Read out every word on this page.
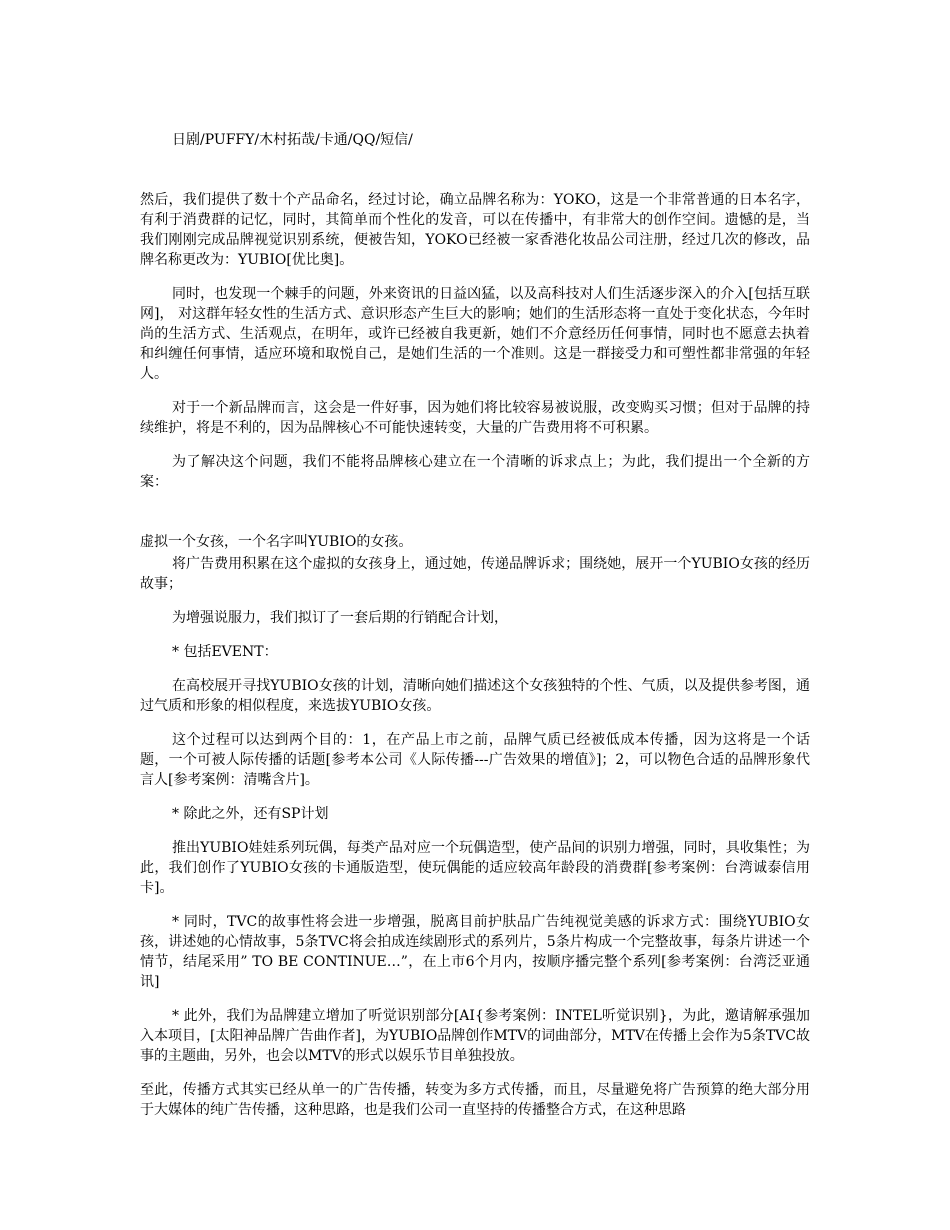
日剧/PUFFY/木村拓哉/卡通/QQ/短信/

然后，我们提供了数十个产品命名，经过讨论，确立品牌名称为：YOKO，这是一个非常普通的日本名字，有利于消费群的记忆，同时，其简单而个性化的发音，可以在传播中，有非常大的创作空间。遗憾的是，当我们刚刚完成品牌视觉识别系统，便被告知，YOKO已经被一家香港化妆品公司注册，经过几次的修改，品牌名称更改为：YUBIO[优比奥]。

同时，也发现一个棘手的问题，外来资讯的日益凶猛，以及高科技对人们生活逐步深入的介入[包括互联网]， 对这群年轻女性的生活方式、意识形态产生巨大的影响；她们的生活形态将一直处于变化状态，今年时尚的生活方式、生活观点，在明年，或许已经被自我更新，她们不介意经历任何事情，同时也不愿意去执着和纠缠任何事情，适应环境和取悦自己，是她们生活的一个准则。这是一群接受力和可塑性都非常强的年轻人。

对于一个新品牌而言，这会是一件好事，因为她们将比较容易被说服，改变购买习惯；但对于品牌的持续维护，将是不利的，因为品牌核心不可能快速转变，大量的广告费用将不可积累。

为了解决这个问题，我们不能将品牌核心建立在一个清晰的诉求点上；为此，我们提出一个全新的方案：

虚拟一个女孩，一个名字叫YUBIO的女孩。

将广告费用积累在这个虚拟的女孩身上，通过她，传递品牌诉求；围绕她，展开一个YUBIO女孩的经历故事；

为增强说服力，我们拟订了一套后期的行销配合计划，

* 包括EVENT：

在高校展开寻找YUBIO女孩的计划，清晰向她们描述这个女孩独特的个性、气质，以及提供参考图，通过气质和形象的相似程度，来选拔YUBIO女孩。

这个过程可以达到两个目的：1，在产品上市之前，品牌气质已经被低成本传播，因为这将是一个话题，一个可被人际传播的话题[参考本公司《人际传播---广告效果的增值》]；2，可以物色合适的品牌形象代言人[参考案例：清嘴含片]。

* 除此之外，还有SP计划

推出YUBIO娃娃系列玩偶，每类产品对应一个玩偶造型，使产品间的识别力增强，同时，具收集性；为此，我们创作了YUBIO女孩的卡通版造型，使玩偶能的适应较高年龄段的消费群[参考案例：台湾诚泰信用卡]。

* 同时，TVC的故事性将会进一步增强，脱离目前护肤品广告纯视觉美感的诉求方式：围绕YUBIO女孩，讲述她的心情故事，5条TVC将会拍成连续剧形式的系列片，5条片构成一个完整故事，每条片讲述一个情节，结尾采用” TO BE CONTINUE…”，在上市6个月内，按顺序播完整个系列[参考案例：台湾泛亚通讯]

* 此外，我们为品牌建立增加了听觉识别部分[AI{参考案例：INTEL听觉识别}，为此，邀请解承强加入本项目，[太阳神品牌广告曲作者]，为YUBIO品牌创作MTV的词曲部分，MTV在传播上会作为5条TVC故事的主题曲，另外，也会以MTV的形式以娱乐节目单独投放。

至此，传播方式其实已经从单一的广告传播，转变为多方式传播，而且，尽量避免将广告预算的绝大部分用于大媒体的纯广告传播，这种思路，也是我们公司一直坚持的传播整合方式，在这种思路
